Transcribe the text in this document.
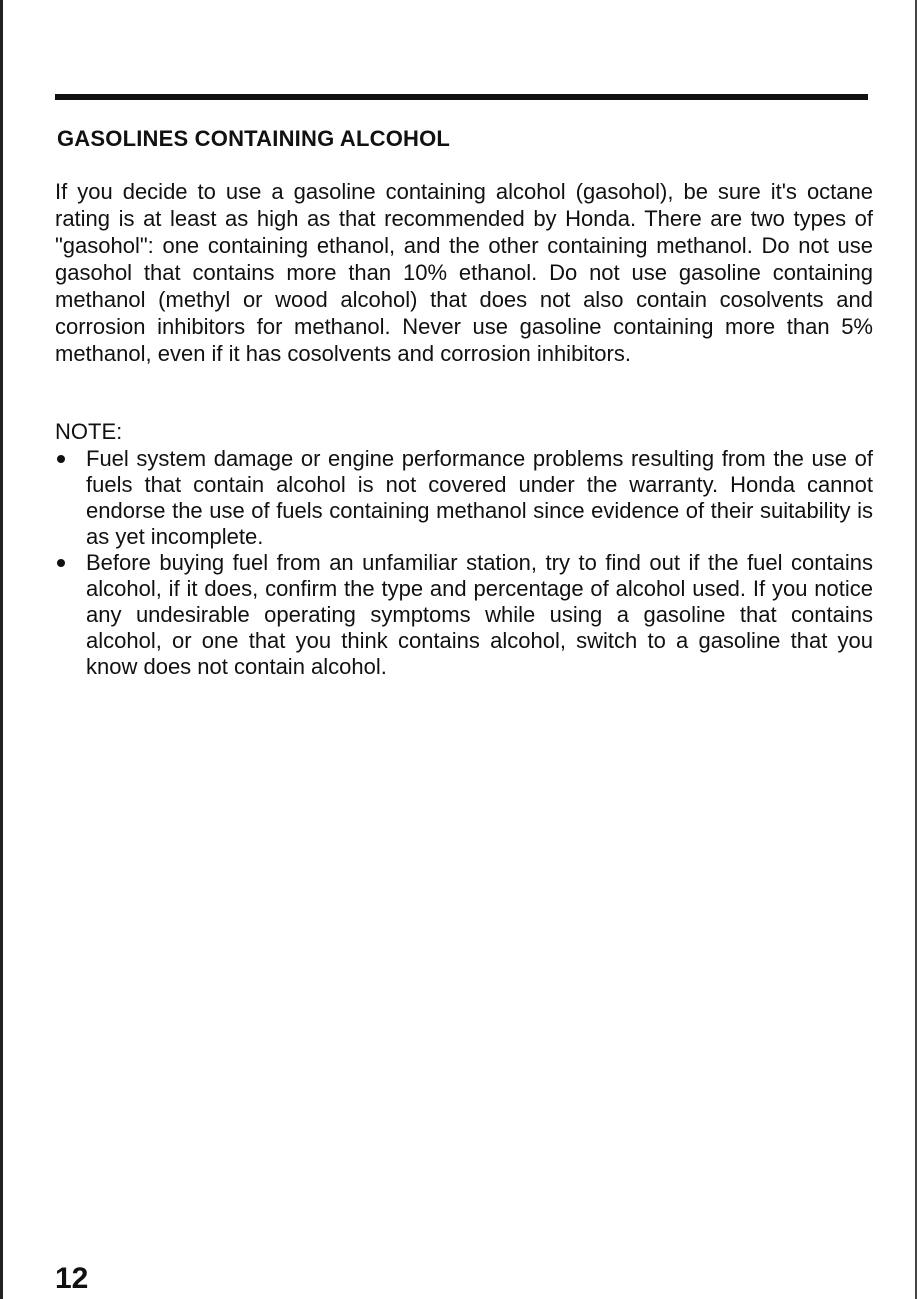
GASOLINES CONTAINING ALCOHOL

If you decide to use a gasoline containing alcohol (gasohol), be sure it's octane rating is at least as high as that recommended by Honda. There are two types of "gasohol": one containing ethanol, and the other containing methanol. Do not use gasohol that contains more than 10% ethanol. Do not use gasoline containing methanol (methyl or wood alcohol) that does not also contain cosolvents and corrosion inhibitors for methanol. Never use gasoline containing more than 5% methanol, even if it has cosolvents and corrosion inhibitors.

NOTE:

Fuel system damage or engine performance problems resulting from the use of fuels that contain alcohol is not covered under the warranty. Honda cannot endorse the use of fuels containing methanol since evidence of their suitability is as yet incomplete.
Before buying fuel from an unfamiliar station, try to find out if the fuel contains alcohol, if it does, confirm the type and percentage of alcohol used. If you notice any undesirable operating symptoms while using a gasoline that contains alcohol, or one that you think contains alcohol, switch to a gasoline that you know does not contain alcohol.

12
